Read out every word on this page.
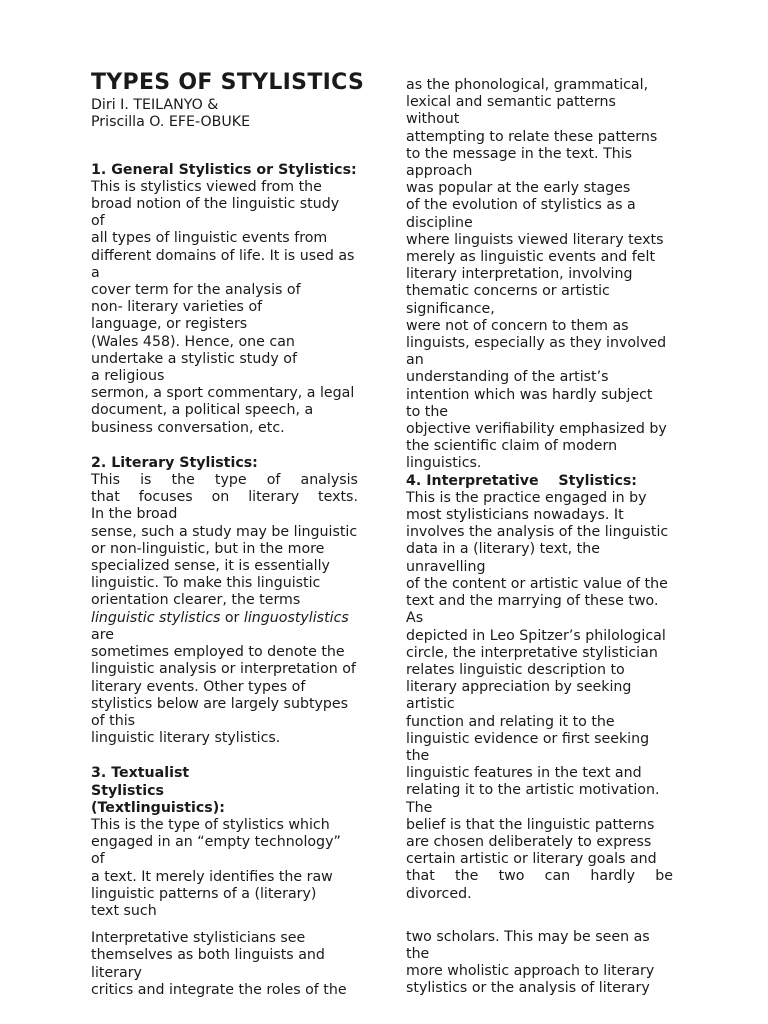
TYPES OF STYLISTICS
Diri I. TEILANYO &
Priscilla O. EFE-OBUKE
1. General Stylistics or Stylistics:
This is stylistics viewed from the
broad notion of the linguistic study
of
all types of linguistic events from
different domains of life. It is used as
a
cover term for the analysis of
non- literary varieties of
language, or registers
(Wales 458). Hence, one can
undertake a stylistic study of
a religious
sermon, a sport commentary, a legal
document, a political speech, a
business conversation, etc.
2. Literary Stylistics:
This is the type of analysis
that focuses on literary texts.
In the broad
sense, such a study may be linguistic
or non-linguistic, but in the more
specialized sense, it is essentially
linguistic. To make this linguistic
orientation clearer, the terms
linguistic stylistics or linguostylistics
are
sometimes employed to denote the
linguistic analysis or interpretation of
literary events. Other types of
stylistics below are largely subtypes
of this
linguistic literary stylistics.
3. Textualist
Stylistics
(Textlinguistics):
This is the type of stylistics which
engaged in an “empty technology”
of
a text. It merely identifies the raw
linguistic patterns of a (literary)
text such
Interpretative stylisticians see
themselves as both linguists and
literary
critics and integrate the roles of the
as the phonological, grammatical,
lexical and semantic patterns
without
attempting to relate these patterns
to the message in the text. This
approach
was popular at the early stages
of the evolution of stylistics as a
discipline
where linguists viewed literary texts
merely as linguistic events and felt
literary interpretation, involving
thematic concerns or artistic
significance,
were not of concern to them as
linguists, especially as they involved
an
understanding of the artist’s
intention which was hardly subject
to the
objective verifiability emphasized by
the scientific claim of modern
linguistics.
4. Interpretative    Stylistics:
This is the practice engaged in by
most stylisticians nowadays. It
involves the analysis of the linguistic
data in a (literary) text, the
unravelling
of the content or artistic value of the
text and the marrying of these two.
As
depicted in Leo Spitzer’s philological
circle, the interpretative stylistician
relates linguistic description to
literary appreciation by seeking
artistic
function and relating it to the
linguistic evidence or first seeking
the
linguistic features in the text and
relating it to the artistic motivation.
The
belief is that the linguistic patterns
are chosen deliberately to express
certain artistic or literary goals and
that the two can hardly be
divorced.
two scholars. This may be seen as
the
more wholistic approach to literary
stylistics or the analysis of literary
